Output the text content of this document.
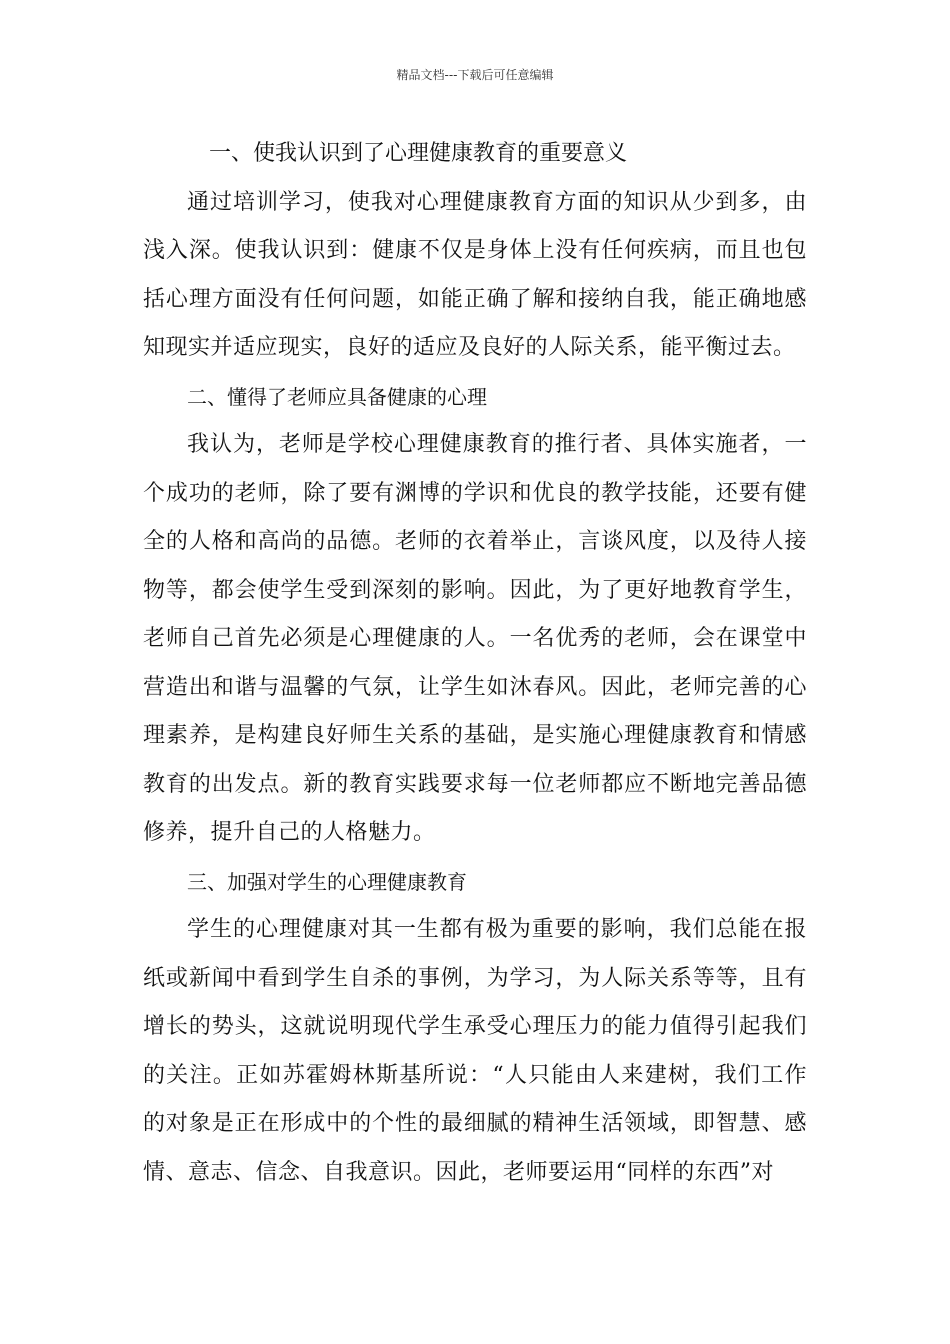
精品文档---下载后可任意编辑

一、使我认识到了心理健康教育的重要意义

通过培训学习，使我对心理健康教育方面的知识从少到多，由浅入深。使我认识到：健康不仅是身体上没有任何疾病，而且也包括心理方面没有任何问题，如能正确了解和接纳自我，能正确地感知现实并适应现实，良好的适应及良好的人际关系，能平衡过去。

二、懂得了老师应具备健康的心理

我认为，老师是学校心理健康教育的推行者、具体实施者，一个成功的老师，除了要有渊博的学识和优良的教学技能，还要有健全的人格和高尚的品德。老师的衣着举止，言谈风度，以及待人接物等，都会使学生受到深刻的影响。因此，为了更好地教育学生，老师自己首先必须是心理健康的人。一名优秀的老师，会在课堂中营造出和谐与温馨的气氛，让学生如沐春风。因此，老师完善的心理素养，是构建良好师生关系的基础，是实施心理健康教育和情感教育的出发点。新的教育实践要求每一位老师都应不断地完善品德修养，提升自己的人格魅力。

三、加强对学生的心理健康教育

学生的心理健康对其一生都有极为重要的影响，我们总能在报纸或新闻中看到学生自杀的事例，为学习，为人际关系等等，且有增长的势头，这就说明现代学生承受心理压力的能力值得引起我们的关注。正如苏霍姆林斯基所说：“人只能由人来建树，我们工作的对象是正在形成中的个性的最细腻的精神生活领域，即智慧、感情、意志、信念、自我意识。因此，老师要运用“同样的东西”对
